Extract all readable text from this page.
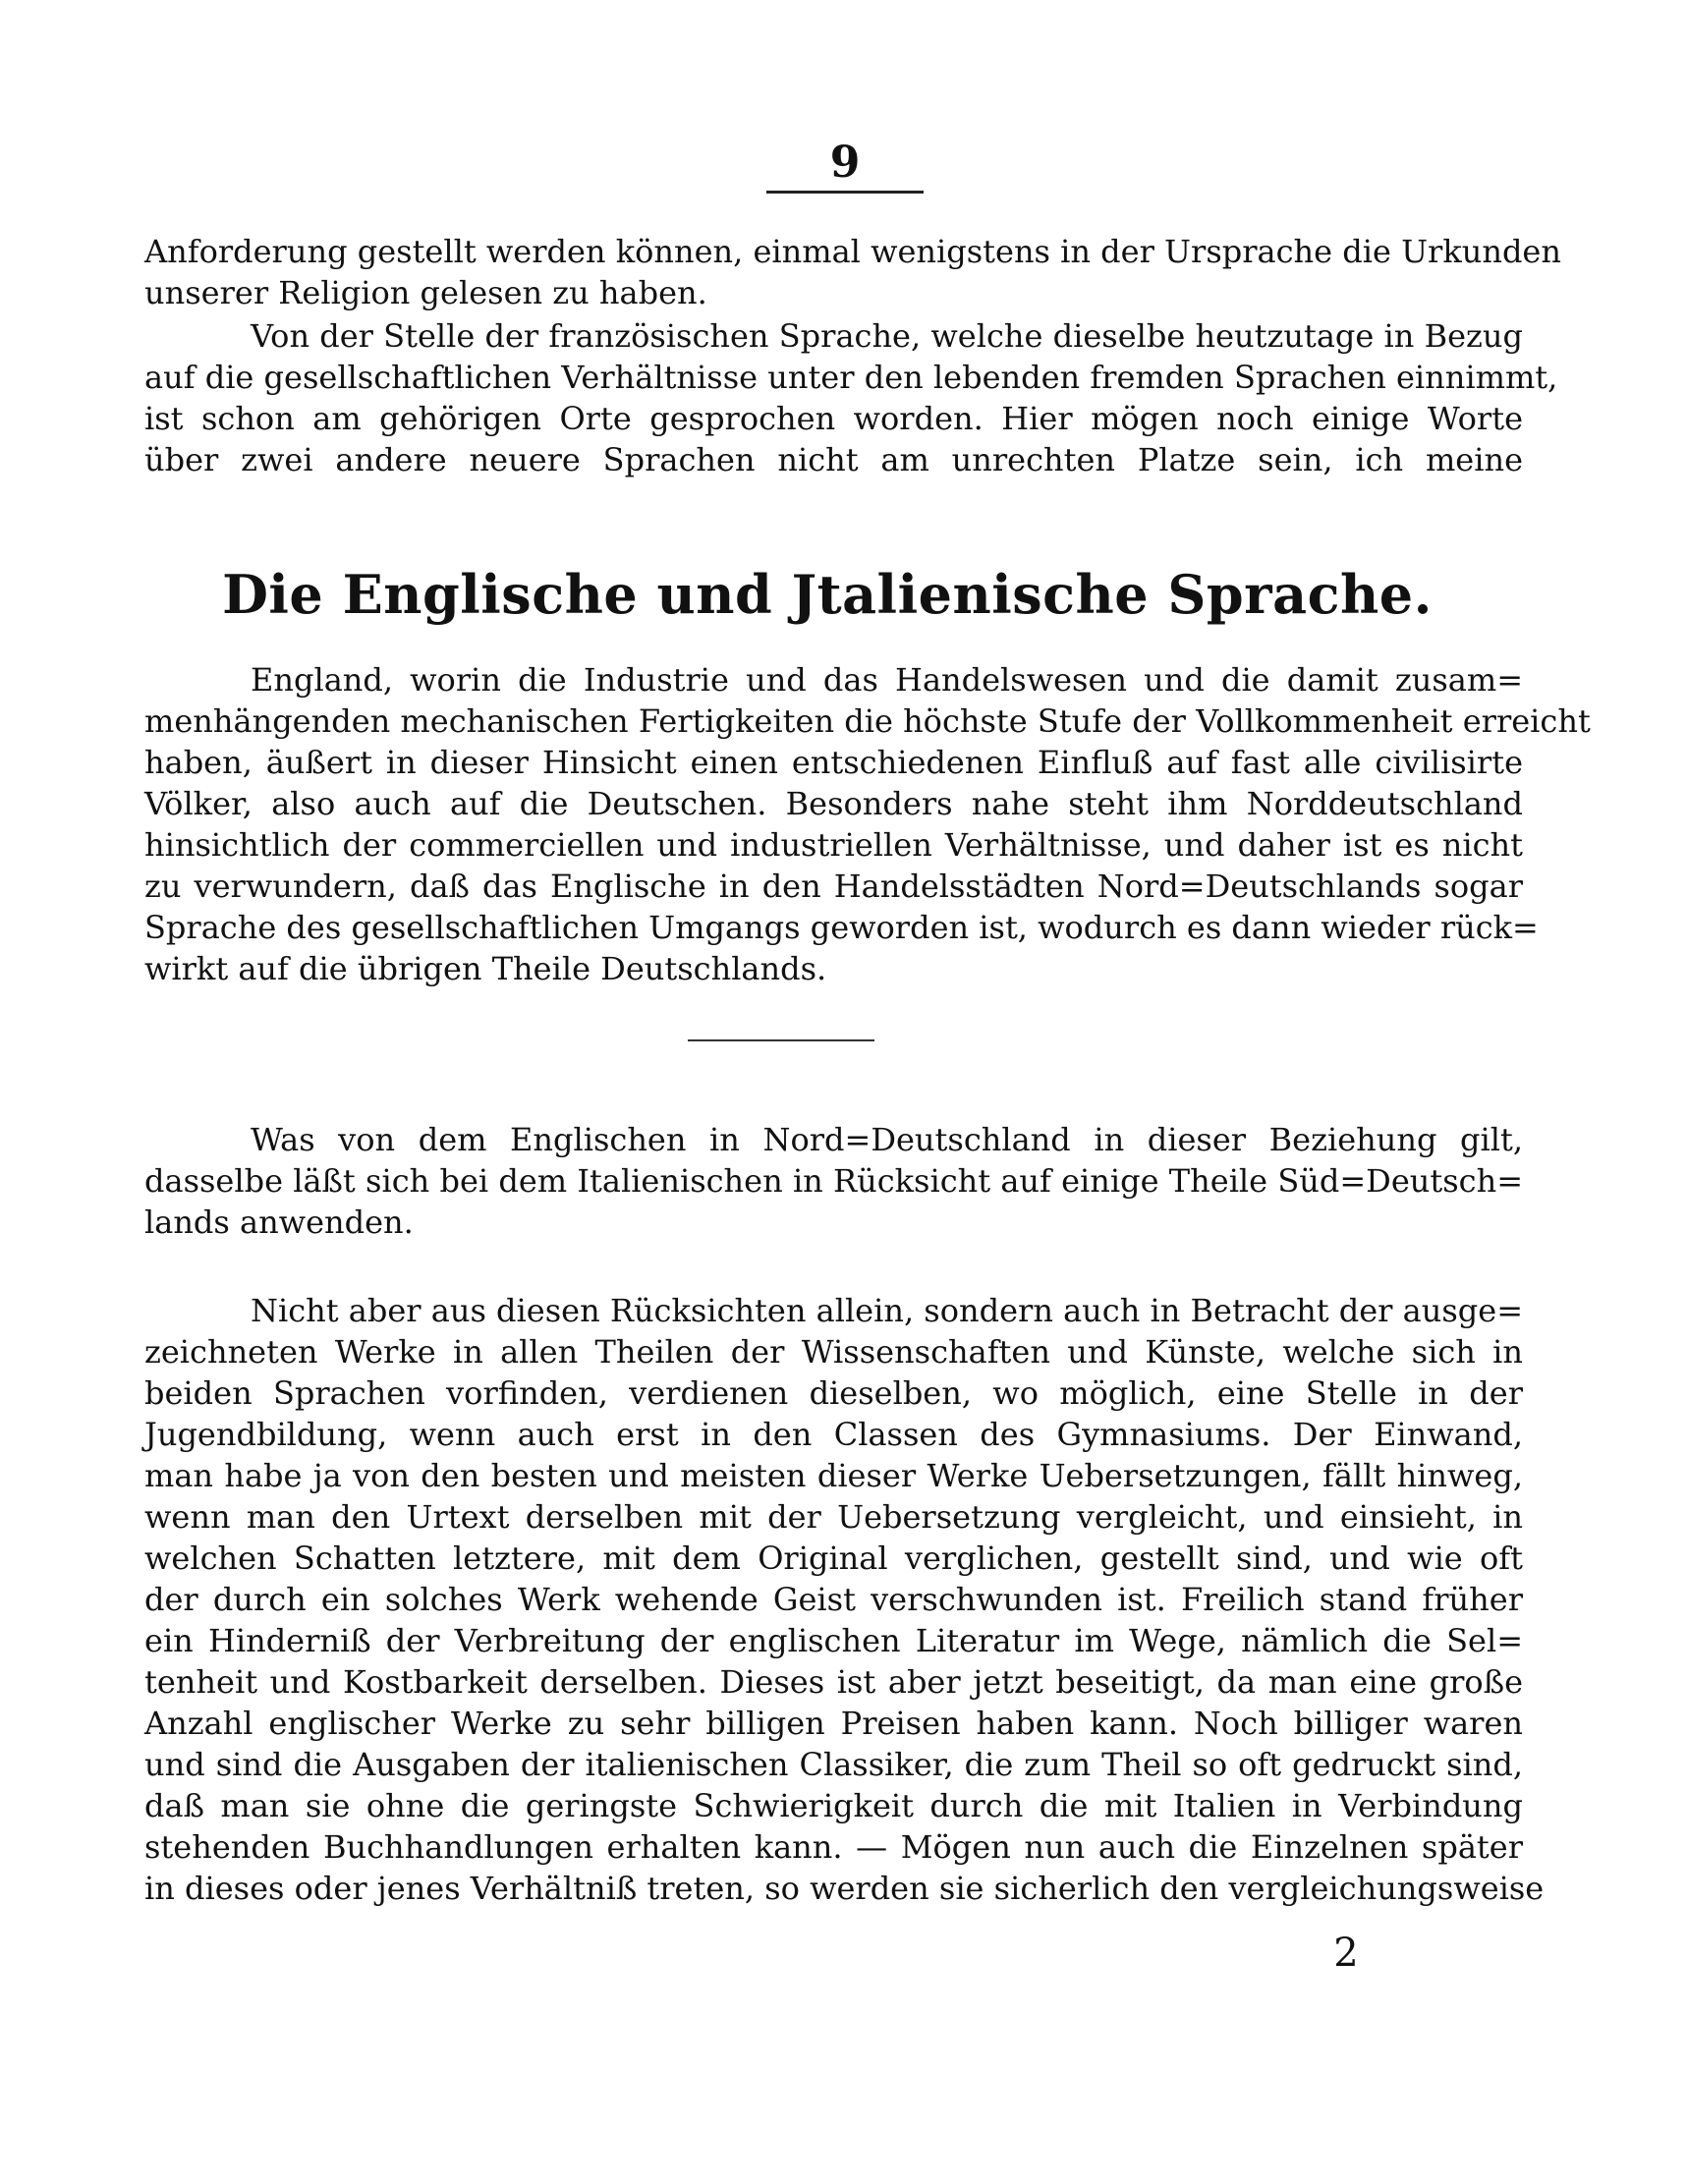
9
Anforderung gestellt werden können, einmal wenigstens in der Ursprache die Urkunden
unserer Religion gelesen zu haben.
Von der Stelle der französischen Sprache, welche dieselbe heutzutage in Bezug
auf die gesellschaftlichen Verhältnisse unter den lebenden fremden Sprachen einnimmt,
ist schon am gehörigen Orte gesprochen worden. Hier mögen noch einige Worte
über zwei andere neuere Sprachen nicht am unrechten Platze sein, ich meine
Die Englische und Jtalienische Sprache.
England, worin die Industrie und das Handelswesen und die damit zusam=
menhängenden mechanischen Fertigkeiten die höchste Stufe der Vollkommenheit erreicht
haben, äußert in dieser Hinsicht einen entschiedenen Einfluß auf fast alle civilisirte
Völker, also auch auf die Deutschen. Besonders nahe steht ihm Norddeutschland
hinsichtlich der commerciellen und industriellen Verhältnisse, und daher ist es nicht
zu verwundern, daß das Englische in den Handelsstädten Nord=Deutschlands sogar
Sprache des gesellschaftlichen Umgangs geworden ist, wodurch es dann wieder rück=
wirkt auf die übrigen Theile Deutschlands.
Was von dem Englischen in Nord=Deutschland in dieser Beziehung gilt,
dasselbe läßt sich bei dem Italienischen in Rücksicht auf einige Theile Süd=Deutsch=
lands anwenden.
Nicht aber aus diesen Rücksichten allein, sondern auch in Betracht der ausge=
zeichneten Werke in allen Theilen der Wissenschaften und Künste, welche sich in
beiden Sprachen vorfinden, verdienen dieselben, wo möglich, eine Stelle in der
Jugendbildung, wenn auch erst in den Classen des Gymnasiums. Der Einwand,
man habe ja von den besten und meisten dieser Werke Uebersetzungen, fällt hinweg,
wenn man den Urtext derselben mit der Uebersetzung vergleicht, und einsieht, in
welchen Schatten letztere, mit dem Original verglichen, gestellt sind, und wie oft
der durch ein solches Werk wehende Geist verschwunden ist. Freilich stand früher
ein Hinderniß der Verbreitung der englischen Literatur im Wege, nämlich die Sel=
tenheit und Kostbarkeit derselben. Dieses ist aber jetzt beseitigt, da man eine große
Anzahl englischer Werke zu sehr billigen Preisen haben kann. Noch billiger waren
und sind die Ausgaben der italienischen Classiker, die zum Theil so oft gedruckt sind,
daß man sie ohne die geringste Schwierigkeit durch die mit Italien in Verbindung
stehenden Buchhandlungen erhalten kann. — Mögen nun auch die Einzelnen später
in dieses oder jenes Verhältniß treten, so werden sie sicherlich den vergleichungsweise
2
